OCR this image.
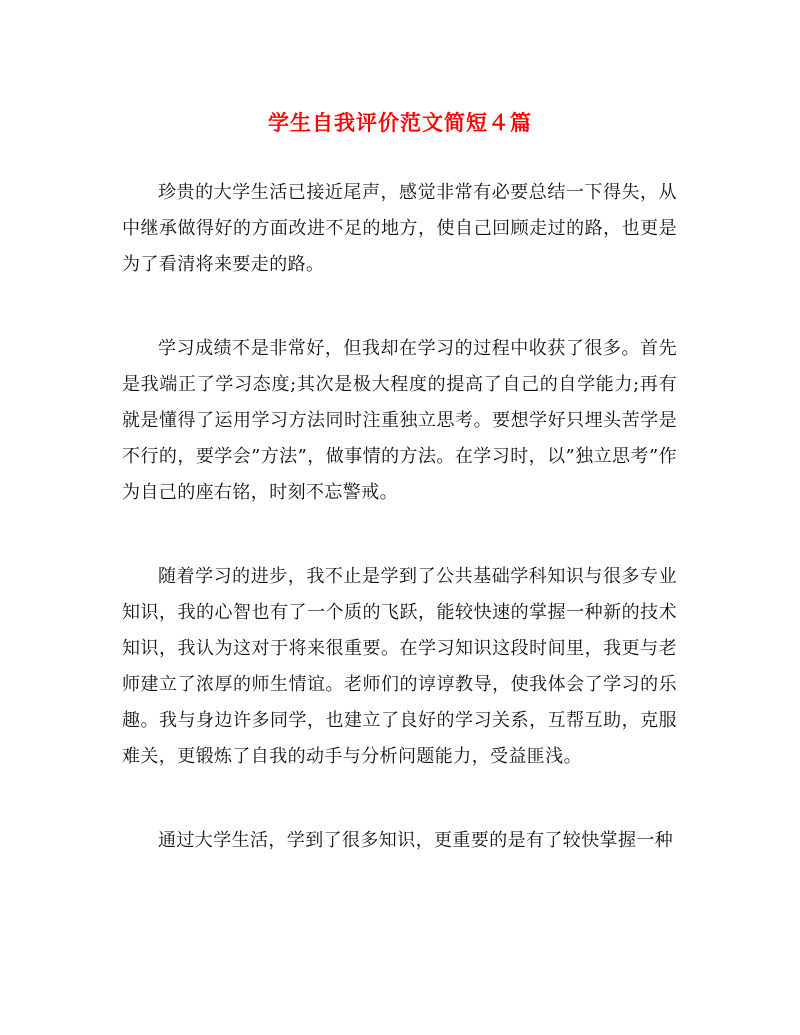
学生自我评价范文简短４篇

珍贵的大学生活已接近尾声，感觉非常有必要总结一下得失，从中继承做得好的方面改进不足的地方，使自己回顾走过的路，也更是为了看清将来要走的路。

学习成绩不是非常好，但我却在学习的过程中收获了很多。首先是我端正了学习态度;其次是极大程度的提高了自己的自学能力;再有就是懂得了运用学习方法同时注重独立思考。要想学好只埋头苦学是不行的，要学会”方法”，做事情的方法。在学习时，以”独立思考”作为自己的座右铭，时刻不忘警戒。

随着学习的进步，我不止是学到了公共基础学科知识与很多专业知识，我的心智也有了一个质的飞跃，能较快速的掌握一种新的技术知识，我认为这对于将来很重要。在学习知识这段时间里，我更与老师建立了浓厚的师生情谊。老师们的谆谆教导，使我体会了学习的乐趣。我与身边许多同学，也建立了良好的学习关系，互帮互助，克服难关，更锻炼了自我的动手与分析问题能力，受益匪浅。

通过大学生活，学到了很多知识，更重要的是有了较快掌握一种
